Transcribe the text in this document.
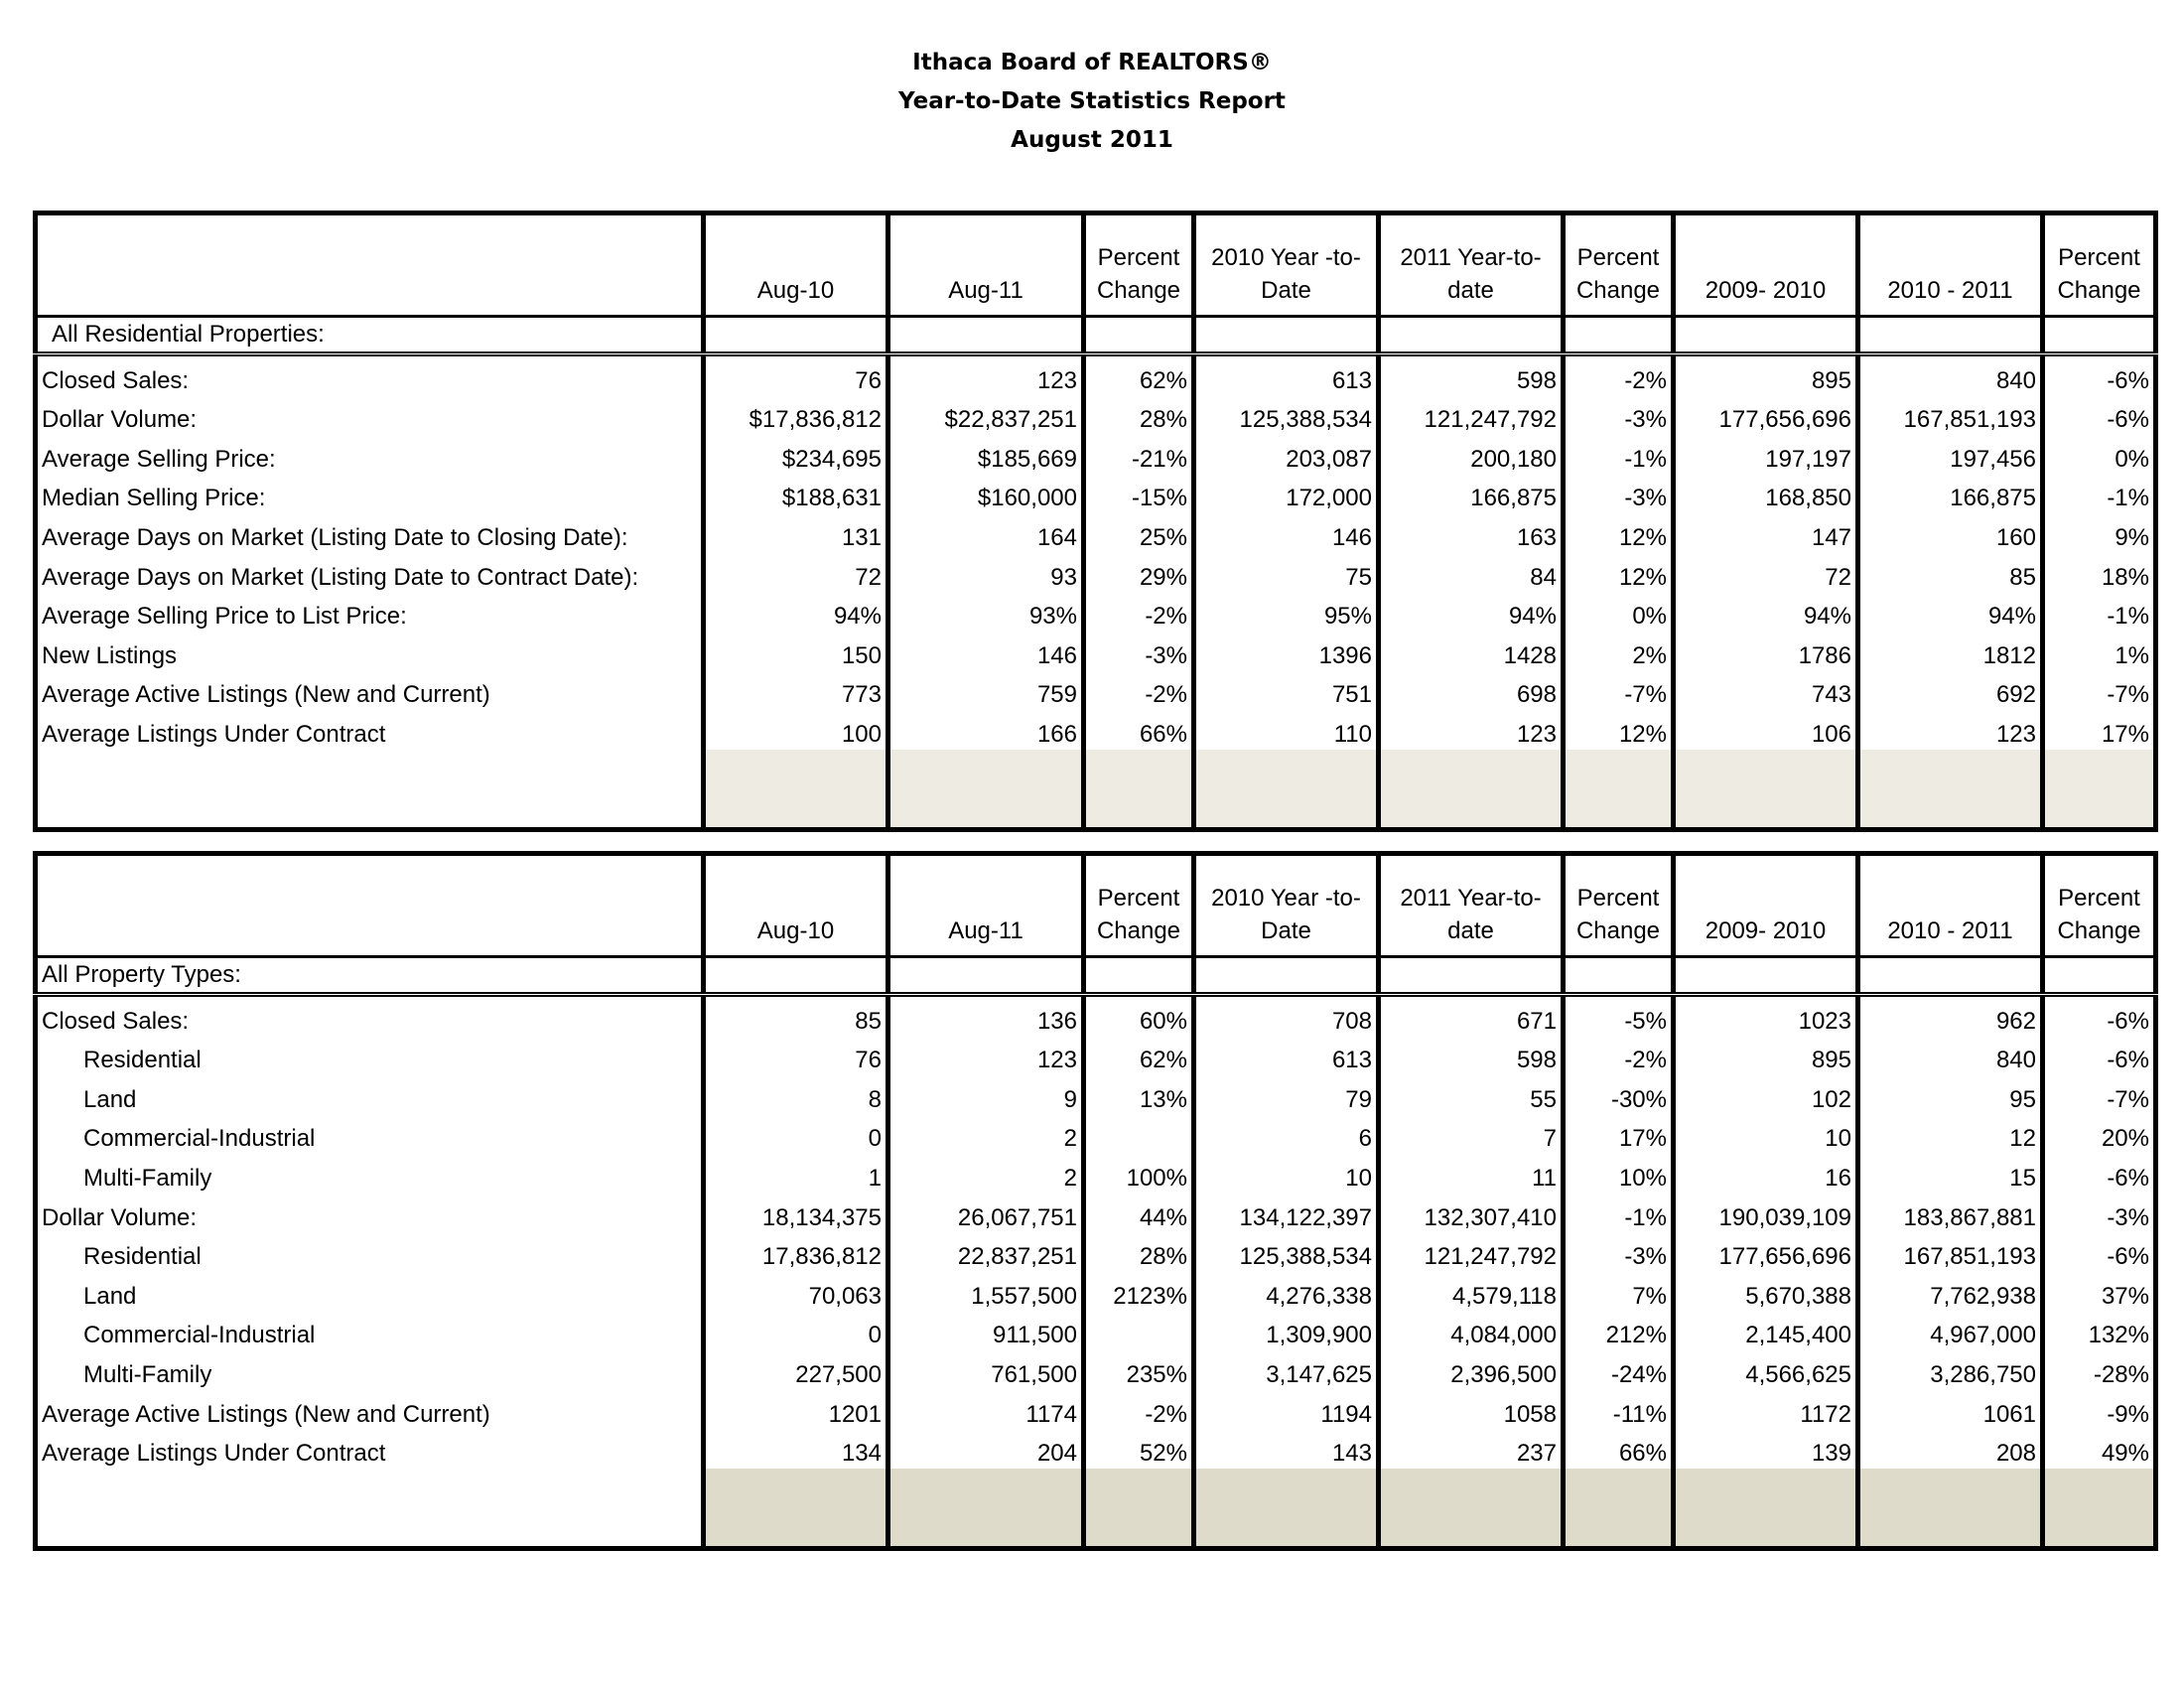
Ithaca Board of REALTORS®
Year-to-Date Statistics Report
August 2011
	Aug-10	Aug-11	Percent Change	2010 Year -to-Date	2011 Year-to-date	Percent Change	2009- 2010	2010 - 2011	Percent Change
All Residential Properties:									
Closed Sales:	76	123	62%	613	598	-2%	895	840	-6%
Dollar Volume:	$17,836,812	$22,837,251	28%	125,388,534	121,247,792	-3%	177,656,696	167,851,193	-6%
Average Selling Price:	$234,695	$185,669	-21%	203,087	200,180	-1%	197,197	197,456	0%
Median Selling Price:	$188,631	$160,000	-15%	172,000	166,875	-3%	168,850	166,875	-1%
Average Days on Market (Listing Date to Closing Date):	131	164	25%	146	163	12%	147	160	9%
Average Days on Market (Listing Date to Contract Date):	72	93	29%	75	84	12%	72	85	18%
Average Selling Price to List Price:	94%	93%	-2%	95%	94%	0%	94%	94%	-1%
New Listings	150	146	-3%	1396	1428	2%	1786	1812	1%
Average Active Listings (New and Current)	773	759	-2%	751	698	-7%	743	692	-7%
Average Listings Under Contract	100	166	66%	110	123	12%	106	123	17%

	Aug-10	Aug-11	Percent Change	2010 Year -to-Date	2011 Year-to-date	Percent Change	2009- 2010	2010 - 2011	Percent Change
All Property Types:									
Closed Sales:	85	136	60%	708	671	-5%	1023	962	-6%
Residential	76	123	62%	613	598	-2%	895	840	-6%
Land	8	9	13%	79	55	-30%	102	95	-7%
Commercial-Industrial	0	2		6	7	17%	10	12	20%
Multi-Family	1	2	100%	10	11	10%	16	15	-6%
Dollar Volume:	18,134,375	26,067,751	44%	134,122,397	132,307,410	-1%	190,039,109	183,867,881	-3%
Residential	17,836,812	22,837,251	28%	125,388,534	121,247,792	-3%	177,656,696	167,851,193	-6%
Land	70,063	1,557,500	2123%	4,276,338	4,579,118	7%	5,670,388	7,762,938	37%
Commercial-Industrial	0	911,500		1,309,900	4,084,000	212%	2,145,400	4,967,000	132%
Multi-Family	227,500	761,500	235%	3,147,625	2,396,500	-24%	4,566,625	3,286,750	-28%
Average Active Listings (New and Current)	1201	1174	-2%	1194	1058	-11%	1172	1061	-9%
Average Listings Under Contract	134	204	52%	143	237	66%	139	208	49%
